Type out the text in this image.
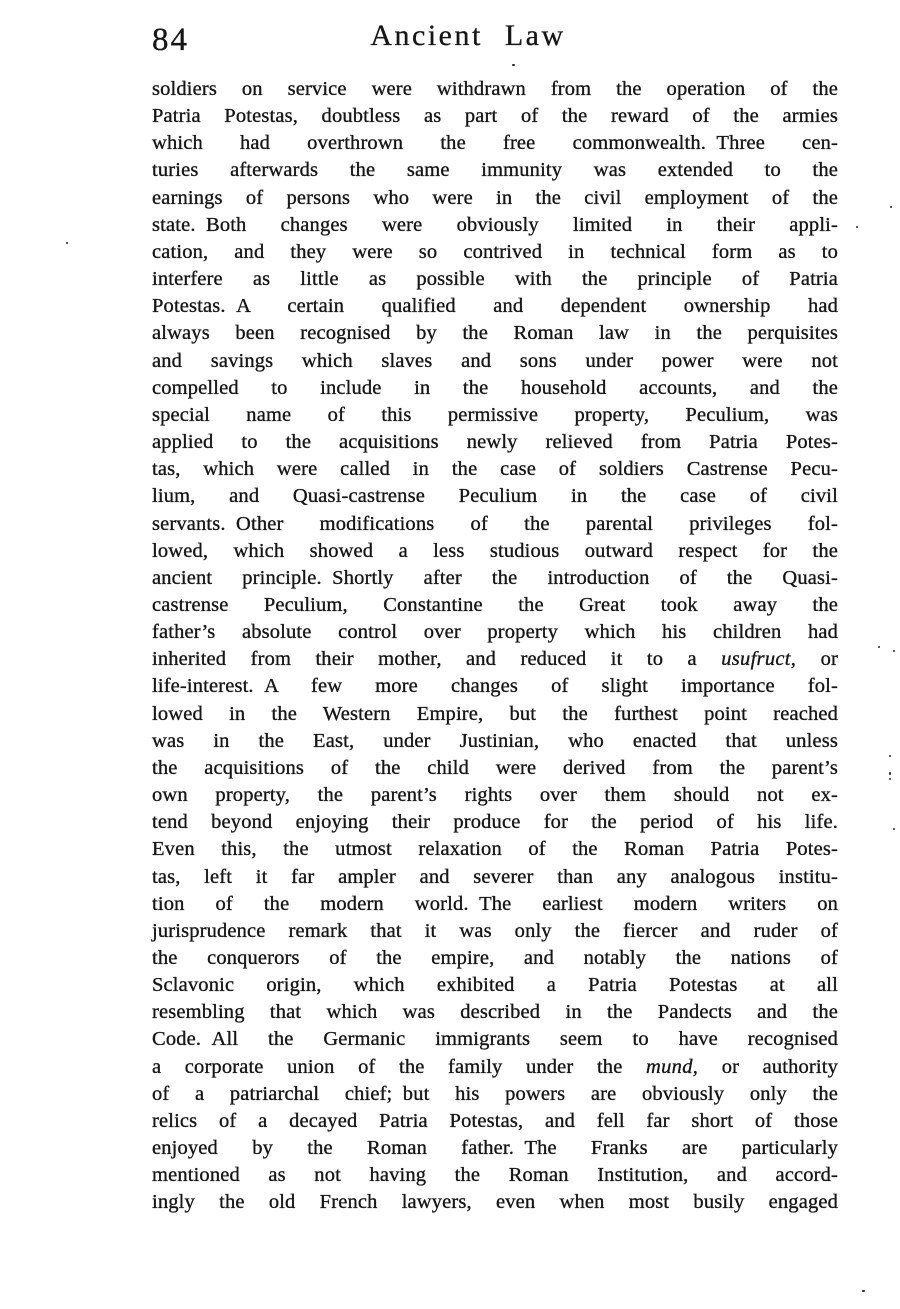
84	Ancient Law
soldiers on service were withdrawn from the operation of the
Patria Potestas, doubtless as part of the reward of the armies
which had overthrown the free commonwealth. Three cen-
turies afterwards the same immunity was extended to the
earnings of persons who were in the civil employment of the
state. Both changes were obviously limited in their appli-
cation, and they were so contrived in technical form as to
interfere as little as possible with the principle of Patria
Potestas. A certain qualified and dependent ownership had
always been recognised by the Roman law in the perquisites
and savings which slaves and sons under power were not
compelled to include in the household accounts, and the
special name of this permissive property, Peculium, was
applied to the acquisitions newly relieved from Patria Potes-
tas, which were called in the case of soldiers Castrense Pecu-
lium, and Quasi-castrense Peculium in the case of civil
servants. Other modifications of the parental privileges fol-
lowed, which showed a less studious outward respect for the
ancient principle. Shortly after the introduction of the Quasi-
castrense Peculium, Constantine the Great took away the
father’s absolute control over property which his children had
inherited from their mother, and reduced it to a usufruct, or
life-interest. A few more changes of slight importance fol-
lowed in the Western Empire, but the furthest point reached
was in the East, under Justinian, who enacted that unless
the acquisitions of the child were derived from the parent’s
own property, the parent’s rights over them should not ex-
tend beyond enjoying their produce for the period of his life.
Even this, the utmost relaxation of the Roman Patria Potes-
tas, left it far ampler and severer than any analogous institu-
tion of the modern world. The earliest modern writers on
jurisprudence remark that it was only the fiercer and ruder of
the conquerors of the empire, and notably the nations of
Sclavonic origin, which exhibited a Patria Potestas at all
resembling that which was described in the Pandects and the
Code. All the Germanic immigrants seem to have recognised
a corporate union of the family under the mund, or authority
of a patriarchal chief; but his powers are obviously only the
relics of a decayed Patria Potestas, and fell far short of those
enjoyed by the Roman father. The Franks are particularly
mentioned as not having the Roman Institution, and accord-
ingly the old French lawyers, even when most busily engaged
